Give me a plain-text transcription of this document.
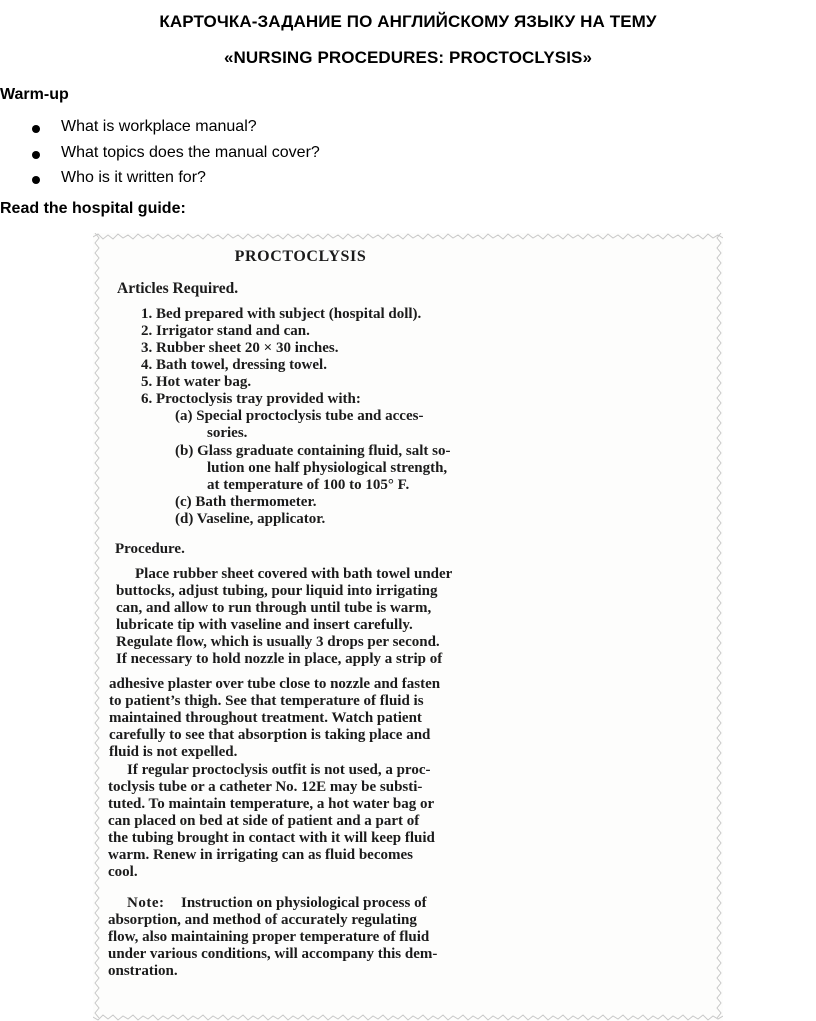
КАРТОЧКА-ЗАДАНИЕ ПО АНГЛИЙСКОМУ ЯЗЫКУ НА ТЕМУ
«NURSING PROCEDURES: PROCTOCLYSIS»
Warm-up
What is workplace manual?
What topics does the manual cover?
Who is it written for?
Read the hospital guide:
PROCTOCLYSIS
Articles Required.
1. Bed prepared with subject (hospital doll).
2. Irrigator stand and can.
3. Rubber sheet 20 × 30 inches.
4. Bath towel, dressing towel.
5. Hot water bag.
6. Proctoclysis tray provided with:
(a) Special proctoclysis tube and acces-
sories.
(b) Glass graduate containing fluid, salt so-
lution one half physiological strength,
at temperature of 100 to 105° F.
(c) Bath thermometer.
(d) Vaseline, applicator.
Procedure.
Place rubber sheet covered with bath towel under
buttocks, adjust tubing, pour liquid into irrigating
can, and allow to run through until tube is warm,
lubricate tip with vaseline and insert carefully.
Regulate flow, which is usually 3 drops per second.
If necessary to hold nozzle in place, apply a strip of
adhesive plaster over tube close to nozzle and fasten
to patient’s thigh. See that temperature of fluid is
maintained throughout treatment. Watch patient
carefully to see that absorption is taking place and
fluid is not expelled.
If regular proctoclysis outfit is not used, a proc-
toclysis tube or a catheter No. 12E may be substi-
tuted. To maintain temperature, a hot water bag or
can placed on bed at side of patient and a part of
the tubing brought in contact with it will keep fluid
warm. Renew in irrigating can as fluid becomes
cool.
Note: Instruction on physiological process of
absorption, and method of accurately regulating
flow, also maintaining proper temperature of fluid
under various conditions, will accompany this dem-
onstration.
